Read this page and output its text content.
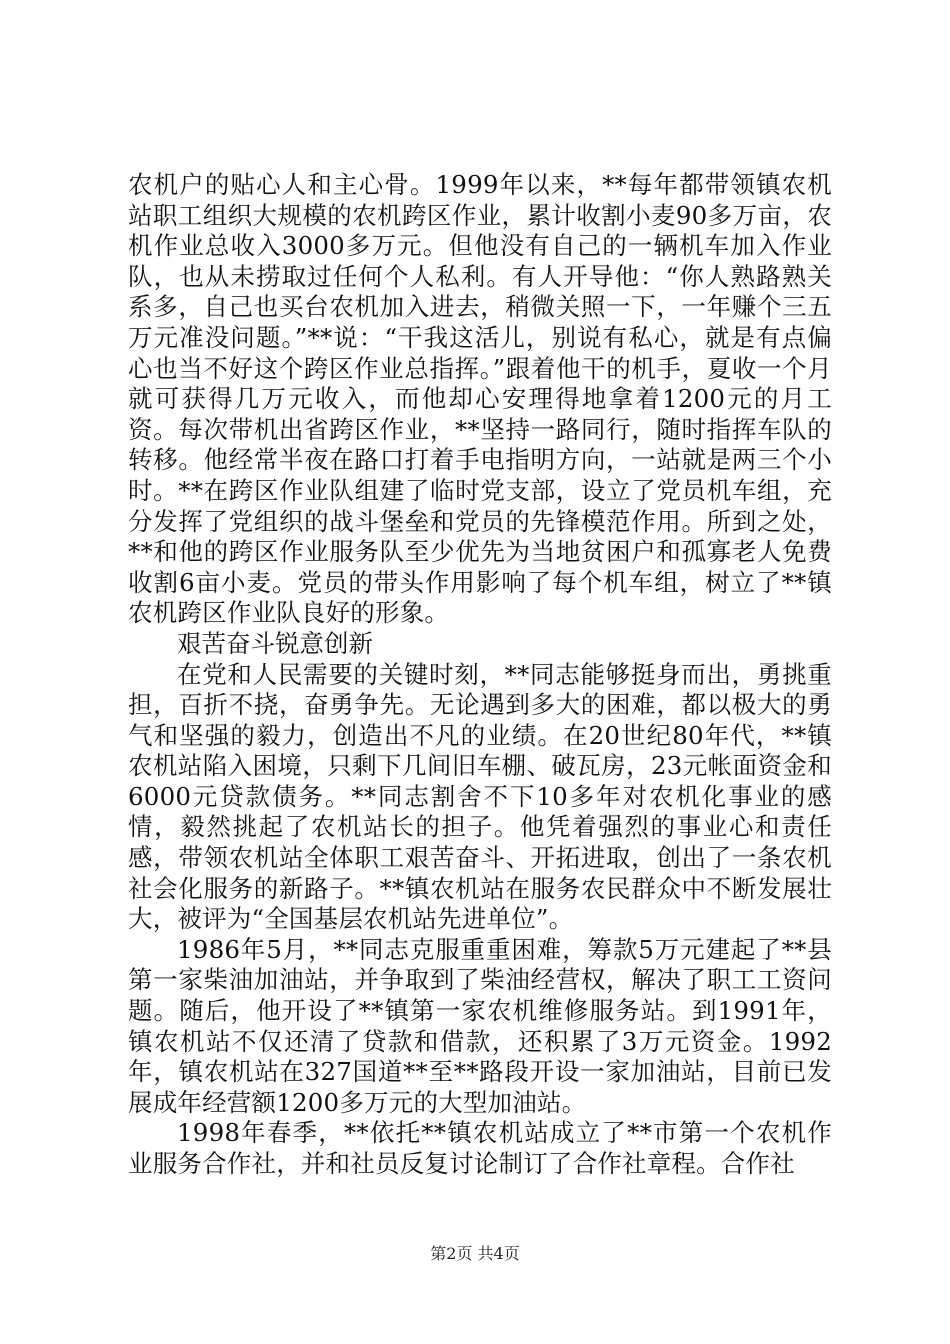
农机户的贴心人和主心骨。1999年以来，**每年都带领镇农机站职工组织大规模的农机跨区作业，累计收割小麦90多万亩，农机作业总收入3000多万元。但他没有自己的一辆机车加入作业队，也从未捞取过任何个人私利。有人开导他：“你人熟路熟关系多，自己也买台农机加入进去，稍微关照一下，一年赚个三五万元准没问题。”**说：“干我这活儿，别说有私心，就是有点偏心也当不好这个跨区作业总指挥。”跟着他干的机手，夏收一个月就可获得几万元收入，而他却心安理得地拿着1200元的月工资。每次带机出省跨区作业，**坚持一路同行，随时指挥车队的转移。他经常半夜在路口打着手电指明方向，一站就是两三个小时。**在跨区作业队组建了临时党支部，设立了党员机车组，充分发挥了党组织的战斗堡垒和党员的先锋模范作用。所到之处，**和他的跨区作业服务队至少优先为当地贫困户和孤寡老人免费收割6亩小麦。党员的带头作用影响了每个机车组，树立了**镇农机跨区作业队良好的形象。

艰苦奋斗锐意创新

在党和人民需要的关键时刻，**同志能够挺身而出，勇挑重担，百折不挠，奋勇争先。无论遇到多大的困难，都以极大的勇气和坚强的毅力，创造出不凡的业绩。在20世纪80年代，**镇农机站陷入困境，只剩下几间旧车棚、破瓦房，23元帐面资金和6000元贷款债务。**同志割舍不下10多年对农机化事业的感情，毅然挑起了农机站长的担子。他凭着强烈的事业心和责任感，带领农机站全体职工艰苦奋斗、开拓进取，创出了一条农机社会化服务的新路子。**镇农机站在服务农民群众中不断发展壮大，被评为“全国基层农机站先进单位”。

1986年5月，**同志克服重重困难，筹款5万元建起了**县第一家柴油加油站，并争取到了柴油经营权，解决了职工工资问题。随后，他开设了**镇第一家农机维修服务站。到1991年，镇农机站不仅还清了贷款和借款，还积累了3万元资金。1992年，镇农机站在327国道**至**路段开设一家加油站，目前已发展成年经营额1200多万元的大型加油站。

1998年春季，**依托**镇农机站成立了**市第一个农机作业服务合作社，并和社员反复讨论制订了合作社章程。合作社

第2页 共4页
